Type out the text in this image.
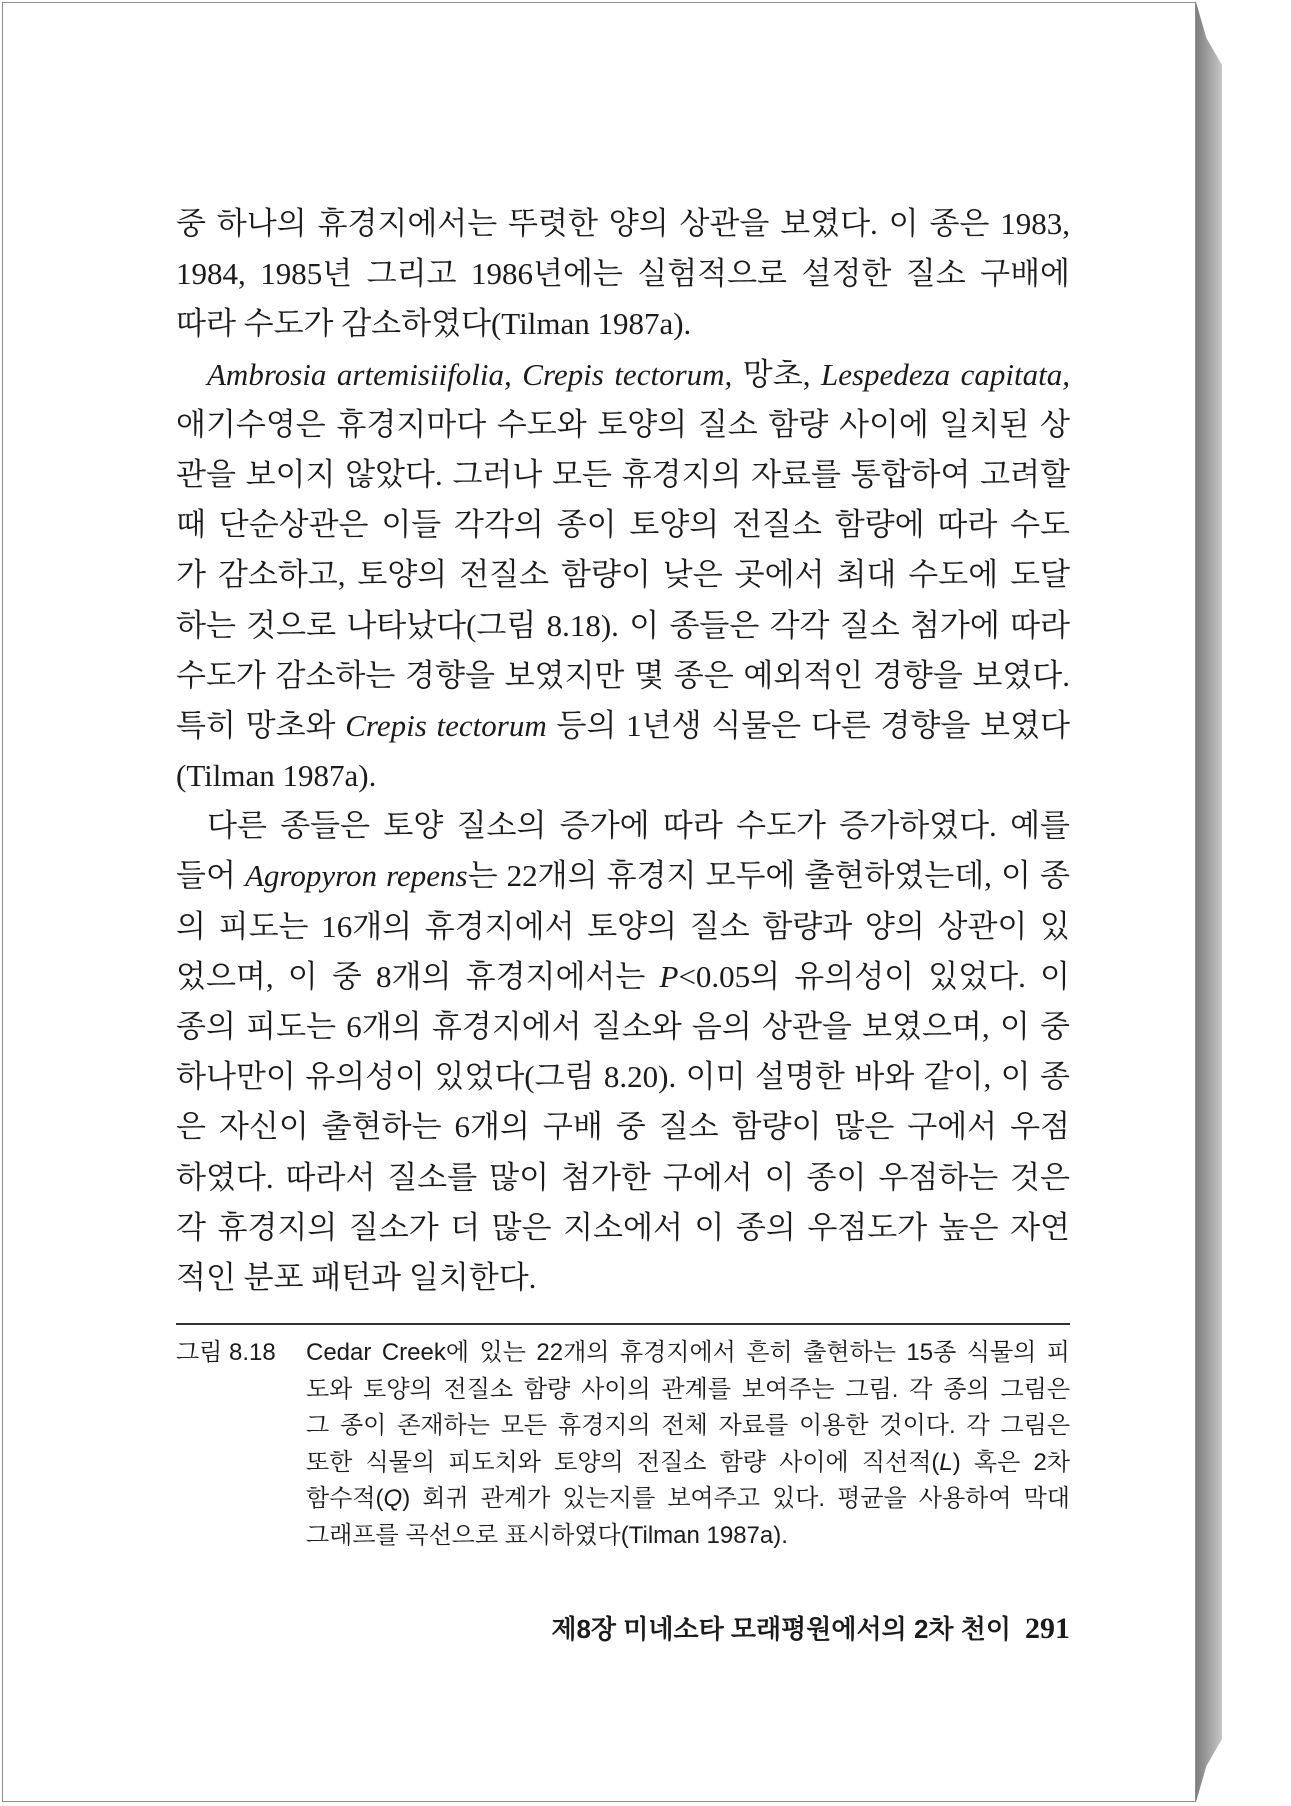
중 하나의 휴경지에서는 뚜렷한 양의 상관을 보였다. 이 종은 1983,
1984, 1985년 그리고 1986년에는 실험적으로 설정한 질소 구배에
따라 수도가 감소하였다(Tilman 1987a).
Ambrosia artemisiifolia, Crepis tectorum, 망초, Lespedeza capitata,
애기수영은 휴경지마다 수도와 토양의 질소 함량 사이에 일치된 상
관을 보이지 않았다. 그러나 모든 휴경지의 자료를 통합하여 고려할
때 단순상관은 이들 각각의 종이 토양의 전질소 함량에 따라 수도
가 감소하고, 토양의 전질소 함량이 낮은 곳에서 최대 수도에 도달
하는 것으로 나타났다(그림 8.18). 이 종들은 각각 질소 첨가에 따라
수도가 감소하는 경향을 보였지만 몇 종은 예외적인 경향을 보였다.
특히 망초와 Crepis tectorum 등의 1년생 식물은 다른 경향을 보였다
(Tilman 1987a).
다른 종들은 토양 질소의 증가에 따라 수도가 증가하였다. 예를
들어 Agropyron repens는 22개의 휴경지 모두에 출현하였는데, 이 종
의 피도는 16개의 휴경지에서 토양의 질소 함량과 양의 상관이 있
었으며, 이 중 8개의 휴경지에서는 P<0.05의 유의성이 있었다. 이
종의 피도는 6개의 휴경지에서 질소와 음의 상관을 보였으며, 이 중
하나만이 유의성이 있었다(그림 8.20). 이미 설명한 바와 같이, 이 종
은 자신이 출현하는 6개의 구배 중 질소 함량이 많은 구에서 우점
하였다. 따라서 질소를 많이 첨가한 구에서 이 종이 우점하는 것은
각 휴경지의 질소가 더 많은 지소에서 이 종의 우점도가 높은 자연
적인 분포 패턴과 일치한다.
그림 8.18	Cedar Creek에 있는 22개의 휴경지에서 흔히 출현하는 15종 식물의 피
도와 토양의 전질소 함량 사이의 관계를 보여주는 그림. 각 종의 그림은
그 종이 존재하는 모든 휴경지의 전체 자료를 이용한 것이다. 각 그림은
또한 식물의 피도치와 토양의 전질소 함량 사이에 직선적(L) 혹은 2차
함수적(Q) 회귀 관계가 있는지를 보여주고 있다. 평균을 사용하여 막대
그래프를 곡선으로 표시하였다(Tilman 1987a).
제8장 미네소타 모래평원에서의 2차 천이 291
